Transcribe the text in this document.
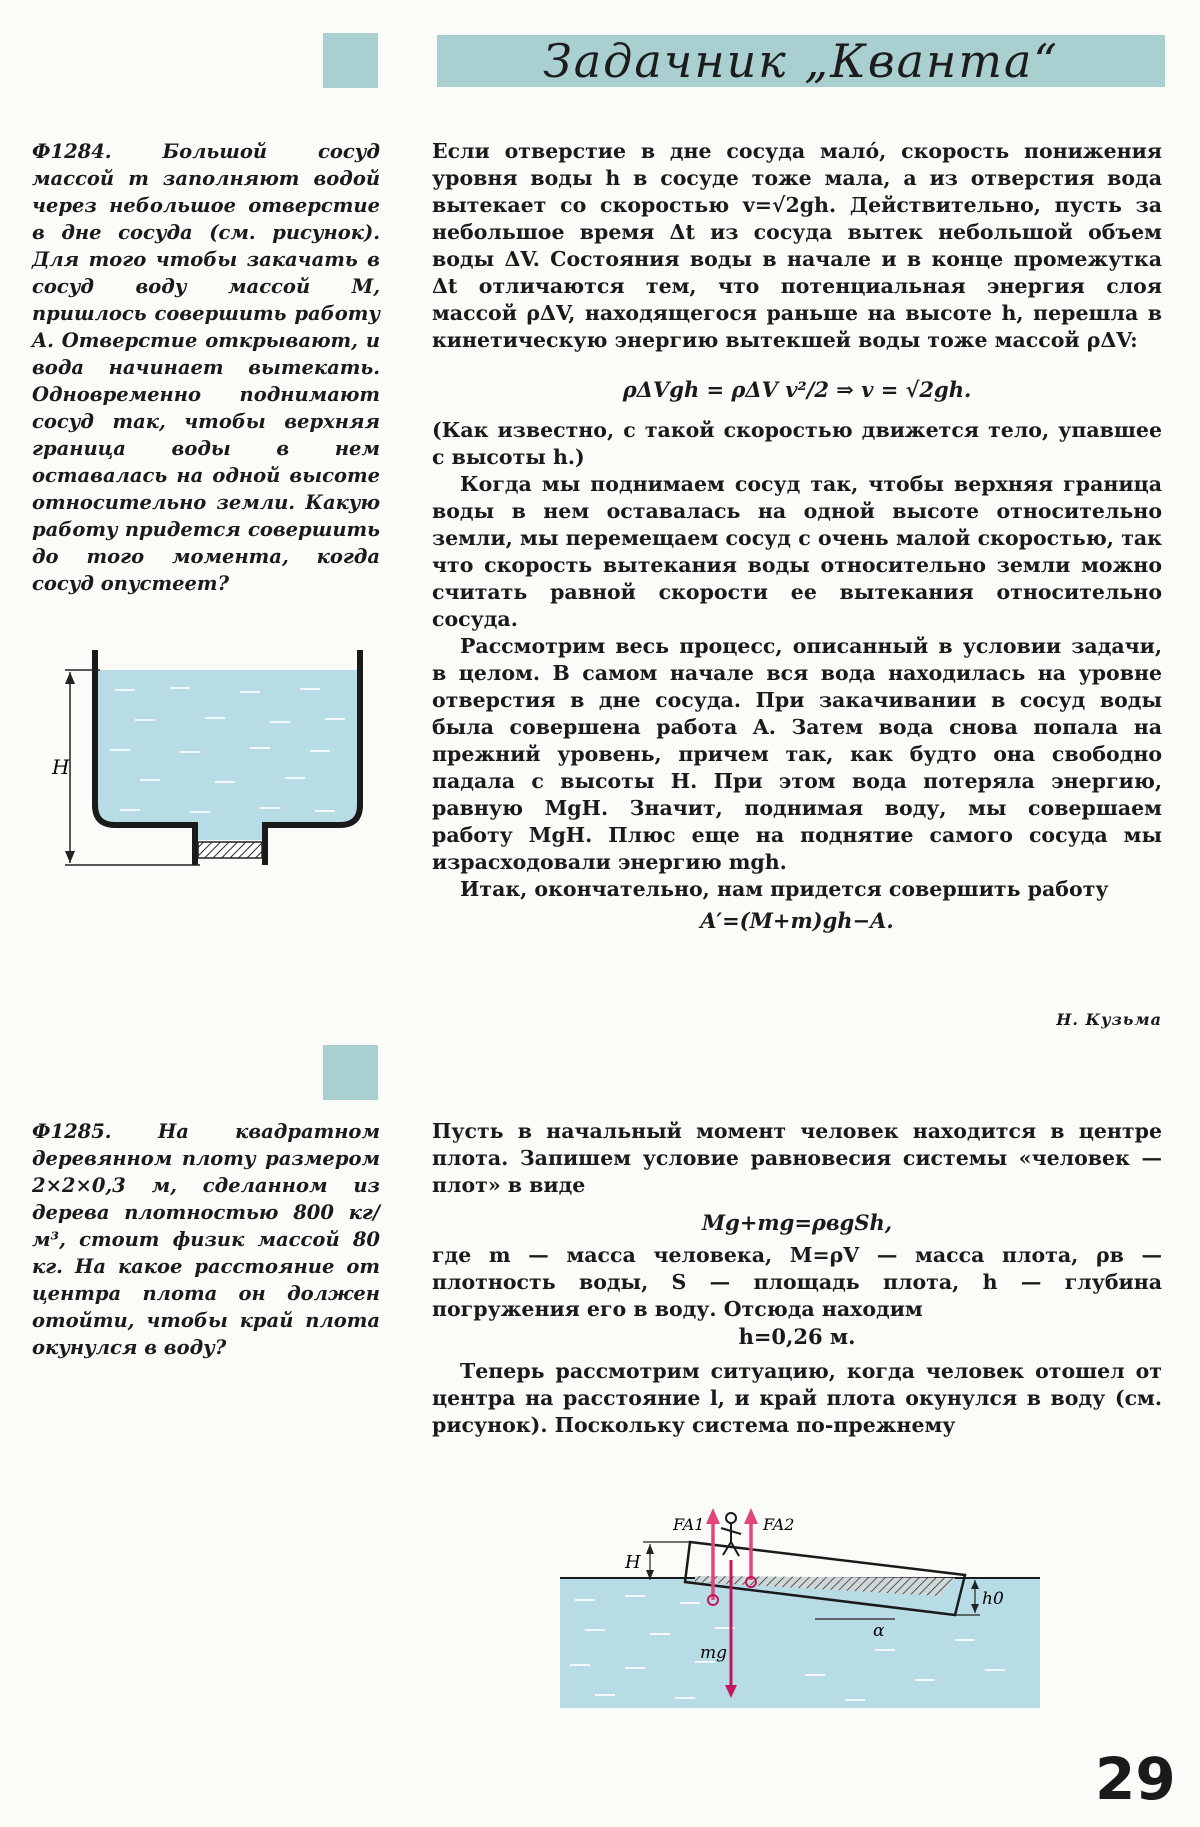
Задачник „Кванта“
Ф1284.	Большой сосуд массой m заполняют водой через небольшое отверстие в дне сосуда (см. рисунок). Для того чтобы закачать в сосуд воду массой M, пришлось совершить работу A. Отверстие открывают, и вода начинает вытекать. Одновременно поднимают сосуд так, чтобы верхняя граница воды в нем оставалась на одной высоте относительно земли. Какую работу придется совершить до того момента, когда сосуд опустеет?
H

Если отверстие в дне сосуда мало́, скорость понижения уровня воды h в сосуде тоже мала, а из отверстия вода вытекает со скоростью v=√2gh. Действительно, пусть за небольшое время Δt из сосуда вытек небольшой объем воды ΔV. Состояния воды в начале и в конце промежутка Δt отличаются тем, что потенциальная энергия слоя массой ρΔV, находящегося раньше на высоте h, перешла в кинетическую энергию вытекшей воды тоже массой ρΔV:

ρΔVgh = ρΔV v²/2 ⇒ v = √2gh.

(Как известно, с такой скоростью движется тело, упавшее с высоты h.)

Когда мы поднимаем сосуд так, чтобы верхняя граница воды в нем оставалась на одной высоте относительно земли, мы перемещаем сосуд с очень малой скоростью, так что скорость вытекания воды относительно земли можно считать равной скорости ее вытекания относительно сосуда.

Рассмотрим весь процесс, описанный в условии задачи, в целом. В самом начале вся вода находилась на уровне отверстия в дне сосуда. При закачивании в сосуд воды была совершена работа A. Затем вода снова попала на прежний уровень, причем так, как будто она свободно падала с высоты H. При этом вода потеряла энергию, равную MgH. Значит, поднимая воду, мы совершаем работу MgH. Плюс еще на поднятие самого сосуда мы израсходовали энергию mgh.

Итак, окончательно, нам придется совершить работу

A′=(M+m)gh−A.

Н. Кузьма
Ф1285. На квадратном деревянном плоту размером 2×2×0,3 м, сделанном из дерева плотностью 800 кг/м³, стоит физик массой 80 кг. На какое расстояние от центра плота он должен отойти, чтобы край плота окунулся в воду?

Пусть в начальный момент человек находится в центре плота. Запишем условие равновесия системы «человек — плот» в виде

Mg+mg=ρвgSh,

где m — масса человека, M=ρV — масса плота, ρв — плотность воды, S — площадь плота, h — глубина погружения его в воду. Отсюда находим

h=0,26 м.

Теперь рассмотрим ситуацию, когда человек отошел от центра на расстояние l, и край плота окунулся в воду (см. рисунок). Поскольку система по-прежнему

FA1	FA2
H
h0
α
mg
29
